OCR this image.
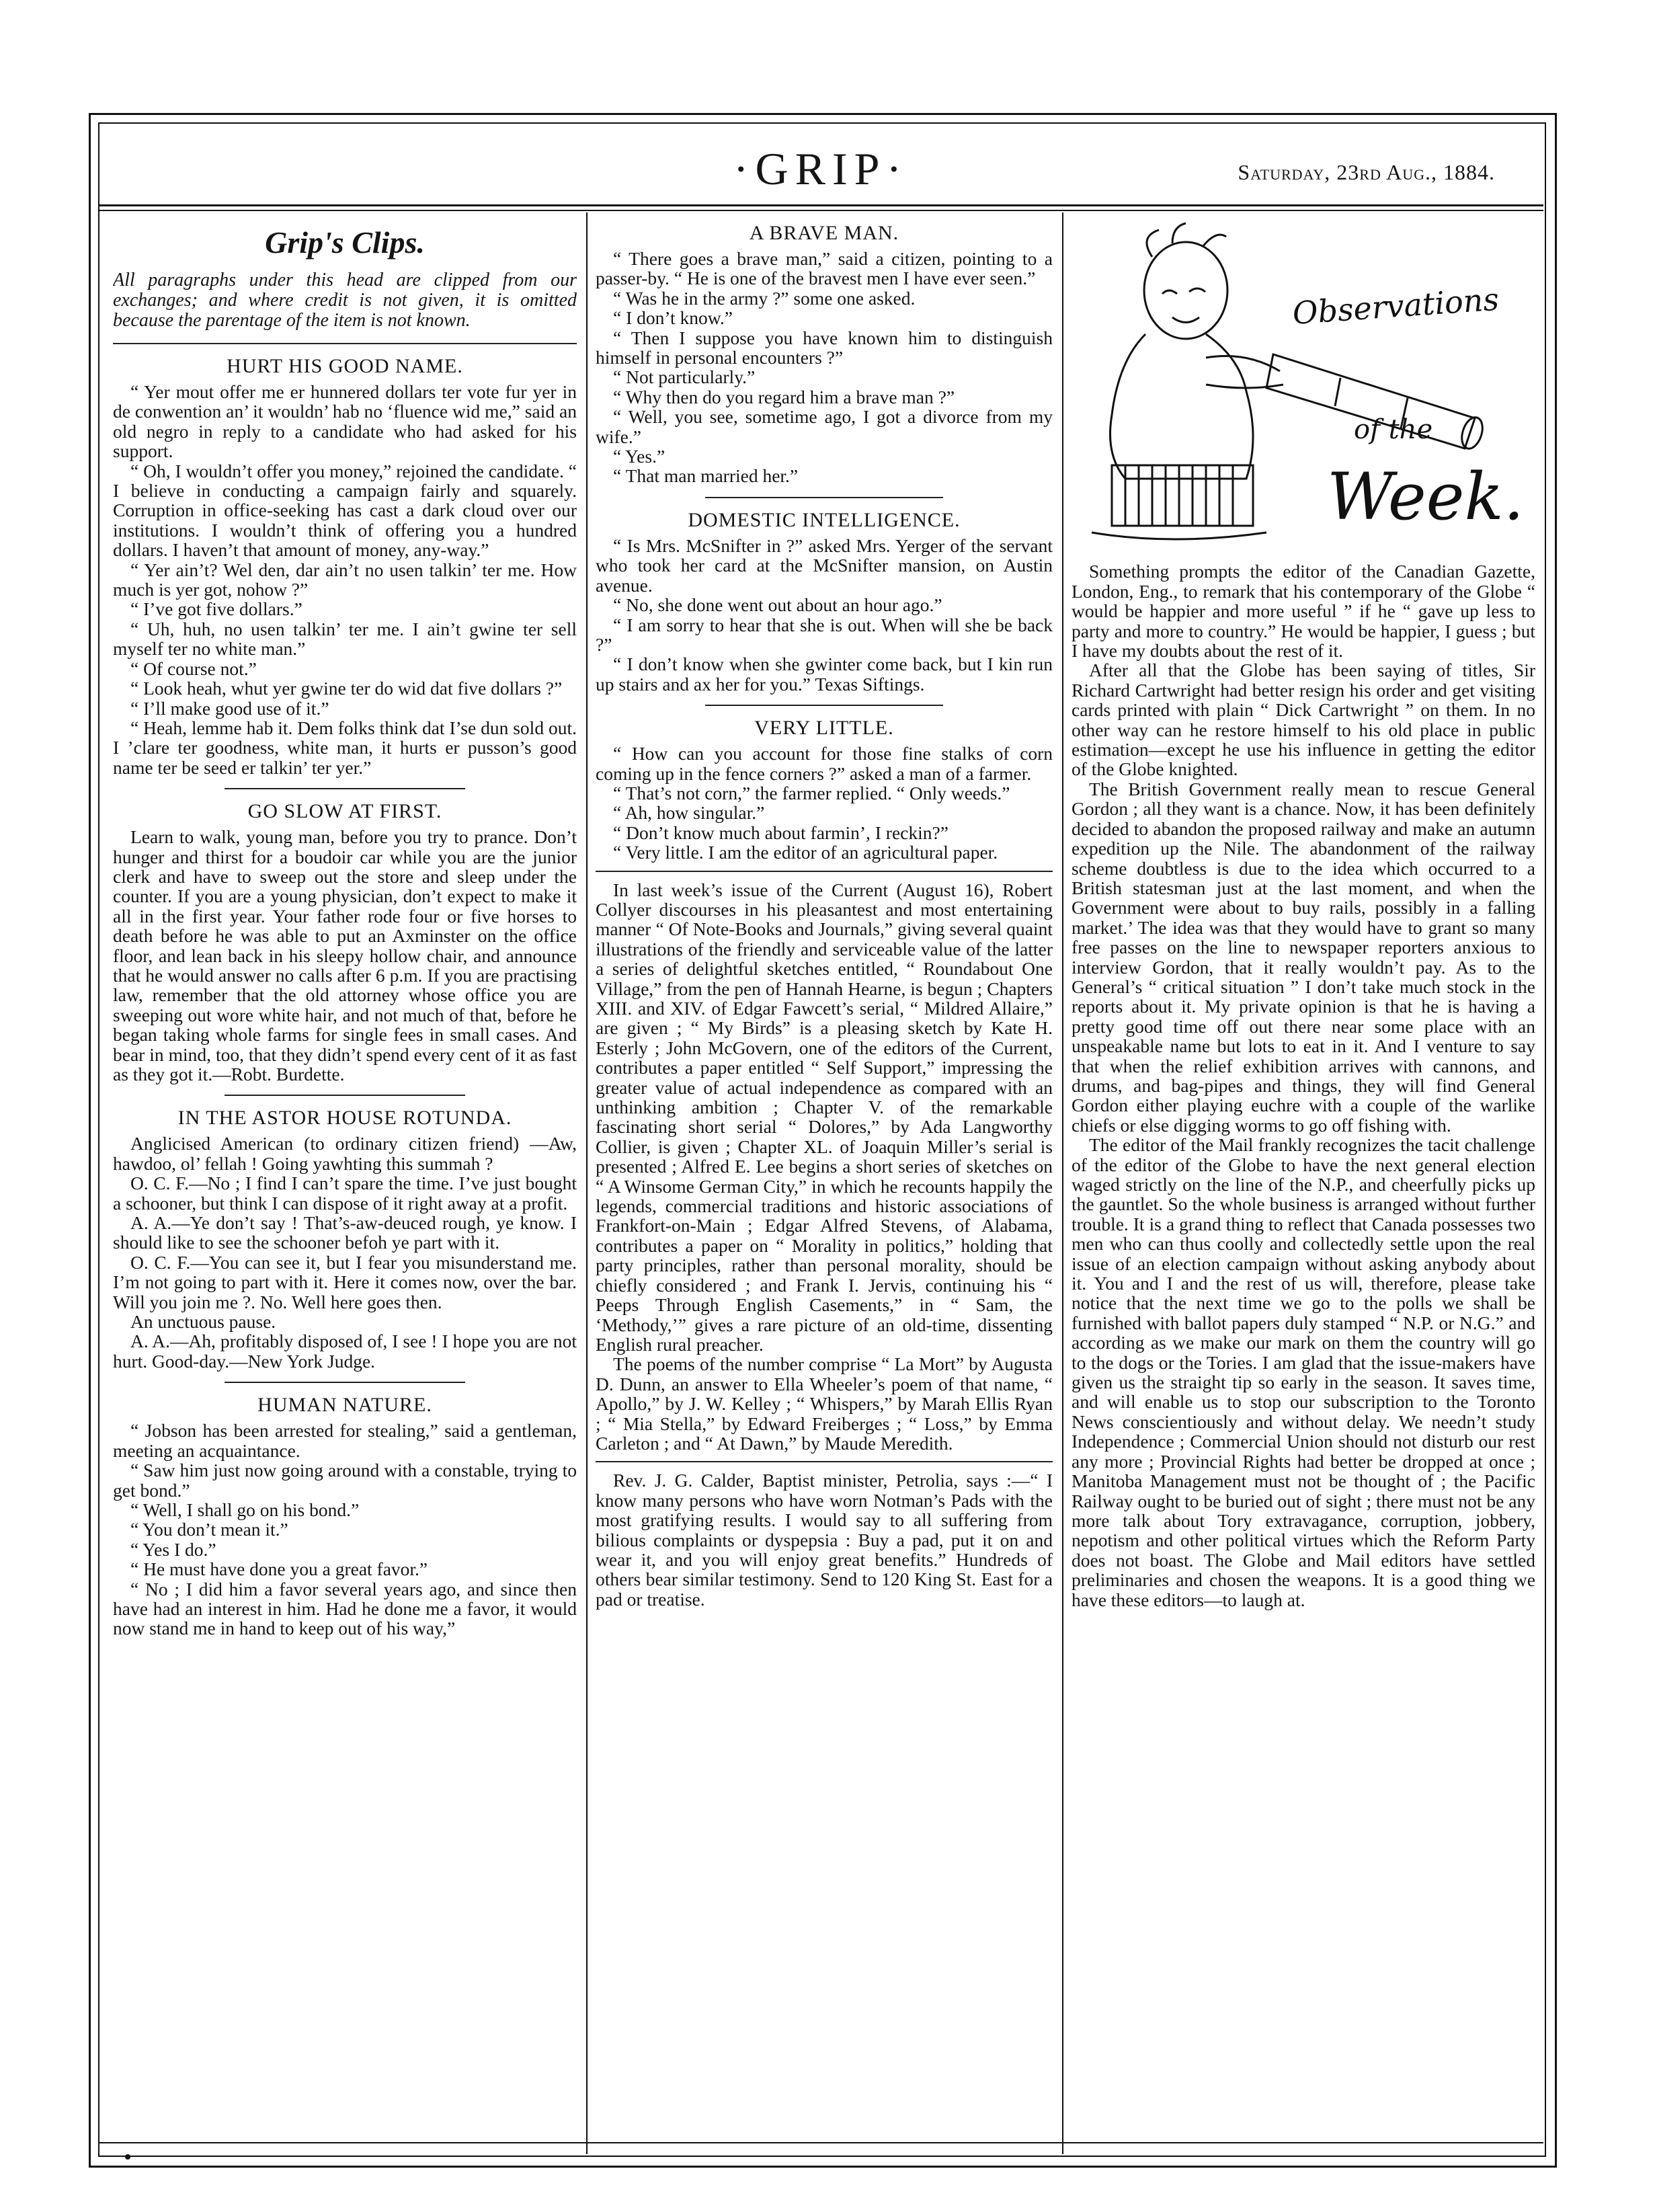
·GRIP·	Saturday, 23rd Aug., 1884.
Grip's Clips.

All paragraphs under this head are clipped from our exchanges; and where credit is not given, it is omitted because the parentage of the item is not known.

HURT HIS GOOD NAME.

“ Yer mout offer me er hunnered dollars ter vote fur yer in de conwention an’ it wouldn’ hab no ‘fluence wid me,” said an old negro in reply to a candidate who had asked for his support.

“ Oh, I wouldn’t offer you money,” rejoined the candidate. “ I believe in conducting a campaign fairly and squarely. Corruption in office-seeking has cast a dark cloud over our institutions. I wouldn’t think of offering you a hundred dollars. I haven’t that amount of money, any-way.”

“ Yer ain’t? Wel den, dar ain’t no usen talkin’ ter me. How much is yer got, nohow ?”

“ I’ve got five dollars.”

“ Uh, huh, no usen talkin’ ter me. I ain’t gwine ter sell myself ter no white man.”

“ Of course not.”

“ Look heah, whut yer gwine ter do wid dat five dollars ?”

“ I’ll make good use of it.”

“ Heah, lemme hab it. Dem folks think dat I’se dun sold out. I ’clare ter goodness, white man, it hurts er pusson’s good name ter be seed er talkin’ ter yer.”

GO SLOW AT FIRST.

Learn to walk, young man, before you try to prance. Don’t hunger and thirst for a boudoir car while you are the junior clerk and have to sweep out the store and sleep under the counter. If you are a young physician, don’t expect to make it all in the first year. Your father rode four or five horses to death before he was able to put an Axminster on the office floor, and lean back in his sleepy hollow chair, and announce that he would answer no calls after 6 p.m. If you are practising law, remember that the old attorney whose office you are sweeping out wore white hair, and not much of that, before he began taking whole farms for single fees in small cases. And bear in mind, too, that they didn’t spend every cent of it as fast as they got it.—Robt. Burdette.

IN THE ASTOR HOUSE ROTUNDA.

Anglicised American (to ordinary citizen friend) —Aw, hawdoo, ol’ fellah ! Going yawhting this summah ?

O. C. F.—No ; I find I can’t spare the time. I’ve just bought a schooner, but think I can dispose of it right away at a profit.

A. A.—Ye don’t say ! That’s-aw-deuced rough, ye know. I should like to see the schooner befoh ye part with it.

O. C. F.—You can see it, but I fear you misunderstand me. I’m not going to part with it. Here it comes now, over the bar. Will you join me ?. No. Well here goes then.

An unctuous pause.

A. A.—Ah, profitably disposed of, I see ! I hope you are not hurt. Good-day.—New York Judge.

HUMAN NATURE.

“ Jobson has been arrested for stealing,” said a gentleman, meeting an acquaintance.

“ Saw him just now going around with a constable, trying to get bond.”

“ Well, I shall go on his bond.”

“ You don’t mean it.”

“ Yes I do.”

“ He must have done you a great favor.”

“ No ; I did him a favor several years ago, and since then have had an interest in him. Had he done me a favor, it would now stand me in hand to keep out of his way,”

A BRAVE MAN.

“ There goes a brave man,” said a citizen, pointing to a passer-by. “ He is one of the bravest men I have ever seen.”

“ Was he in the army ?” some one asked.

“ I don’t know.”

“ Then I suppose you have known him to distinguish himself in personal encounters ?”

“ Not particularly.”

“ Why then do you regard him a brave man ?”

“ Well, you see, sometime ago, I got a divorce from my wife.”

“ Yes.”

“ That man married her.”

DOMESTIC INTELLIGENCE.

“ Is Mrs. McSnifter in ?” asked Mrs. Yerger of the servant who took her card at the McSnifter mansion, on Austin avenue.

“ No, she done went out about an hour ago.”

“ I am sorry to hear that she is out. When will she be back ?”

“ I don’t know when she gwinter come back, but I kin run up stairs and ax her for you.” Texas Siftings.

VERY LITTLE.

“ How can you account for those fine stalks of corn coming up in the fence corners ?” asked a man of a farmer.

“ That’s not corn,” the farmer replied. “ Only weeds.”

“ Ah, how singular.”

“ Don’t know much about farmin’, I reckin?”

“ Very little. I am the editor of an agricultural paper.

In last week’s issue of the Current (August 16), Robert Collyer discourses in his pleasantest and most entertaining manner “ Of Note-Books and Journals,” giving several quaint illustrations of the friendly and serviceable value of the latter a series of delightful sketches entitled, “ Roundabout One Village,” from the pen of Hannah Hearne, is begun ; Chapters XIII. and XIV. of Edgar Fawcett’s serial, “ Mildred Allaire,” are given ; “ My Birds” is a pleasing sketch by Kate H. Esterly ; John McGovern, one of the editors of the Current, contributes a paper entitled “ Self Support,” impressing the greater value of actual independence as compared with an unthinking ambition ; Chapter V. of the remarkable fascinating short serial “ Dolores,” by Ada Langworthy Collier, is given ; Chapter XL. of Joaquin Miller’s serial is presented ; Alfred E. Lee begins a short series of sketches on “ A Winsome German City,” in which he recounts happily the legends, commercial traditions and historic associations of Frankfort-on-Main ; Edgar Alfred Stevens, of Alabama, contributes a paper on “ Morality in politics,” holding that party principles, rather than personal morality, should be chiefly considered ; and Frank I. Jervis, continuing his “ Peeps Through English Casements,” in “ Sam, the ‘Methody,’” gives a rare picture of an old-time, dissenting English rural preacher.

The poems of the number comprise “ La Mort” by Augusta D. Dunn, an answer to Ella Wheeler’s poem of that name, “ Apollo,” by J. W. Kelley ; “ Whispers,” by Marah Ellis Ryan ; “ Mia Stella,” by Edward Freiberges ; “ Loss,” by Emma Carleton ; and “ At Dawn,” by Maude Meredith.

Rev. J. G. Calder, Baptist minister, Petrolia, says :—“ I know many persons who have worn Notman’s Pads with the most gratifying results. I would say to all suffering from bilious complaints or dyspepsia : Buy a pad, put it on and wear it, and you will enjoy great benefits.” Hundreds of others bear similar testimony. Send to 120 King St. East for a pad or treatise.

Observations
of the
Week.

Something prompts the editor of the Canadian Gazette, London, Eng., to remark that his contemporary of the Globe “ would be happier and more useful ” if he “ gave up less to party and more to country.” He would be happier, I guess ; but I have my doubts about the rest of it.

After all that the Globe has been saying of titles, Sir Richard Cartwright had better resign his order and get visiting cards printed with plain “ Dick Cartwright ” on them. In no other way can he restore himself to his old place in public estimation—except he use his influence in getting the editor of the Globe knighted.

The British Government really mean to rescue General Gordon ; all they want is a chance. Now, it has been definitely decided to abandon the proposed railway and make an autumn expedition up the Nile. The abandonment of the railway scheme doubtless is due to the idea which occurred to a British statesman just at the last moment, and when the Government were about to buy rails, possibly in a falling market.’ The idea was that they would have to grant so many free passes on the line to newspaper reporters anxious to interview Gordon, that it really wouldn’t pay. As to the General’s “ critical situation ” I don’t take much stock in the reports about it. My private opinion is that he is having a pretty good time off out there near some place with an unspeakable name but lots to eat in it. And I venture to say that when the relief exhibition arrives with cannons, and drums, and bag-pipes and things, they will find General Gordon either playing euchre with a couple of the warlike chiefs or else digging worms to go off fishing with.

The editor of the Mail frankly recognizes the tacit challenge of the editor of the Globe to have the next general election waged strictly on the line of the N.P., and cheerfully picks up the gauntlet. So the whole business is arranged without further trouble. It is a grand thing to reflect that Canada possesses two men who can thus coolly and collectedly settle upon the real issue of an election campaign without asking anybody about it. You and I and the rest of us will, therefore, please take notice that the next time we go to the polls we shall be furnished with ballot papers duly stamped “ N.P. or N.G.” and according as we make our mark on them the country will go to the dogs or the Tories. I am glad that the issue-makers have given us the straight tip so early in the season. It saves time, and will enable us to stop our subscription to the Toronto News conscientiously and without delay. We needn’t study Independence ; Commercial Union should not disturb our rest any more ; Provincial Rights had better be dropped at once ; Manitoba Management must not be thought of ; the Pacific Railway ought to be buried out of sight ; there must not be any more talk about Tory extravagance, corruption, jobbery, nepotism and other political virtues which the Reform Party does not boast. The Globe and Mail editors have settled preliminaries and chosen the weapons. It is a good thing we have these editors—to laugh at.
